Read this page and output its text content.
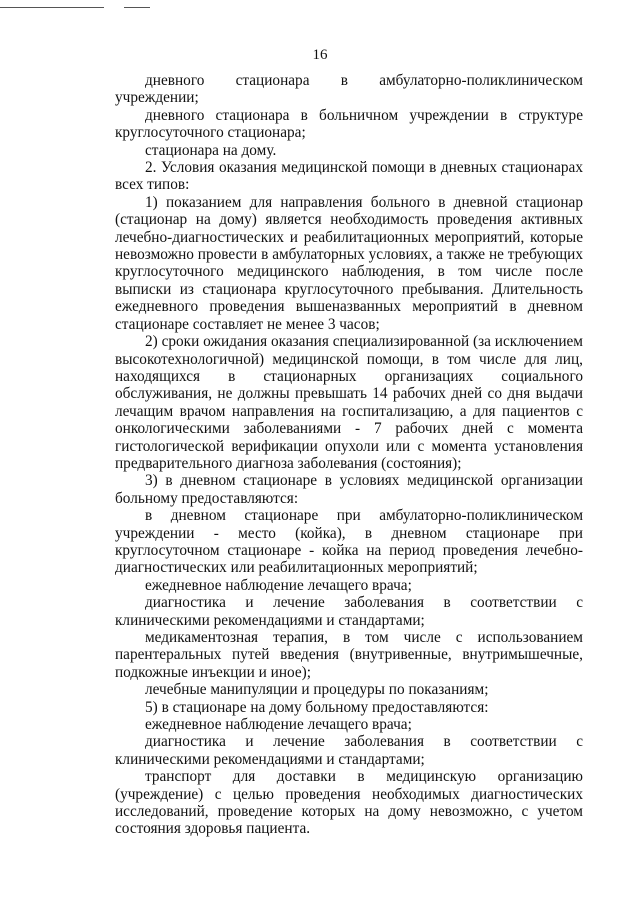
16

дневного стационара в амбулаторно-поликлиническом учреждении;

дневного стационара в больничном учреждении в структуре круглосуточного стационара;

стационара на дому.

2. Условия оказания медицинской помощи в дневных стационарах всех типов:

1) показанием для направления больного в дневной стационар (стационар на дому) является необходимость проведения активных лечебно-диагностических и реабилитационных мероприятий, которые невозможно провести в амбулаторных условиях, а также не требующих круглосуточного медицинского наблюдения, в том числе после выписки из стационара круглосуточного пребывания. Длительность ежедневного проведения вышеназванных мероприятий в дневном стационаре составляет не менее 3 часов;

2) сроки ожидания оказания специализированной (за исключением высокотехнологичной) медицинской помощи, в том числе для лиц, находящихся в стационарных организациях социального обслуживания, не должны превышать 14 рабочих дней со дня выдачи лечащим врачом направления на госпитализацию, а для пациентов с онкологическими заболеваниями - 7 рабочих дней с момента гистологической верификации опухоли или с момента установления предварительного диагноза заболевания (состояния);

3) в дневном стационаре в условиях медицинской организации больному предоставляются:

в дневном стационаре при амбулаторно-поликлиническом учреждении - место (койка), в дневном стационаре при круглосуточном стационаре - койка на период проведения лечебно-диагностических или реабилитационных мероприятий;

ежедневное наблюдение лечащего врача;

диагностика и лечение заболевания в соответствии с клиническими рекомендациями и стандартами;

медикаментозная терапия, в том числе с использованием парентеральных путей введения (внутривенные, внутримышечные, подкожные инъекции и иное);

лечебные манипуляции и процедуры по показаниям;

5) в стационаре на дому больному предоставляются:

ежедневное наблюдение лечащего врача;

диагностика и лечение заболевания в соответствии с клиническими рекомендациями и стандартами;

транспорт для доставки в медицинскую организацию (учреждение) с целью проведения необходимых диагностических исследований, проведение которых на дому невозможно, с учетом состояния здоровья пациента.
